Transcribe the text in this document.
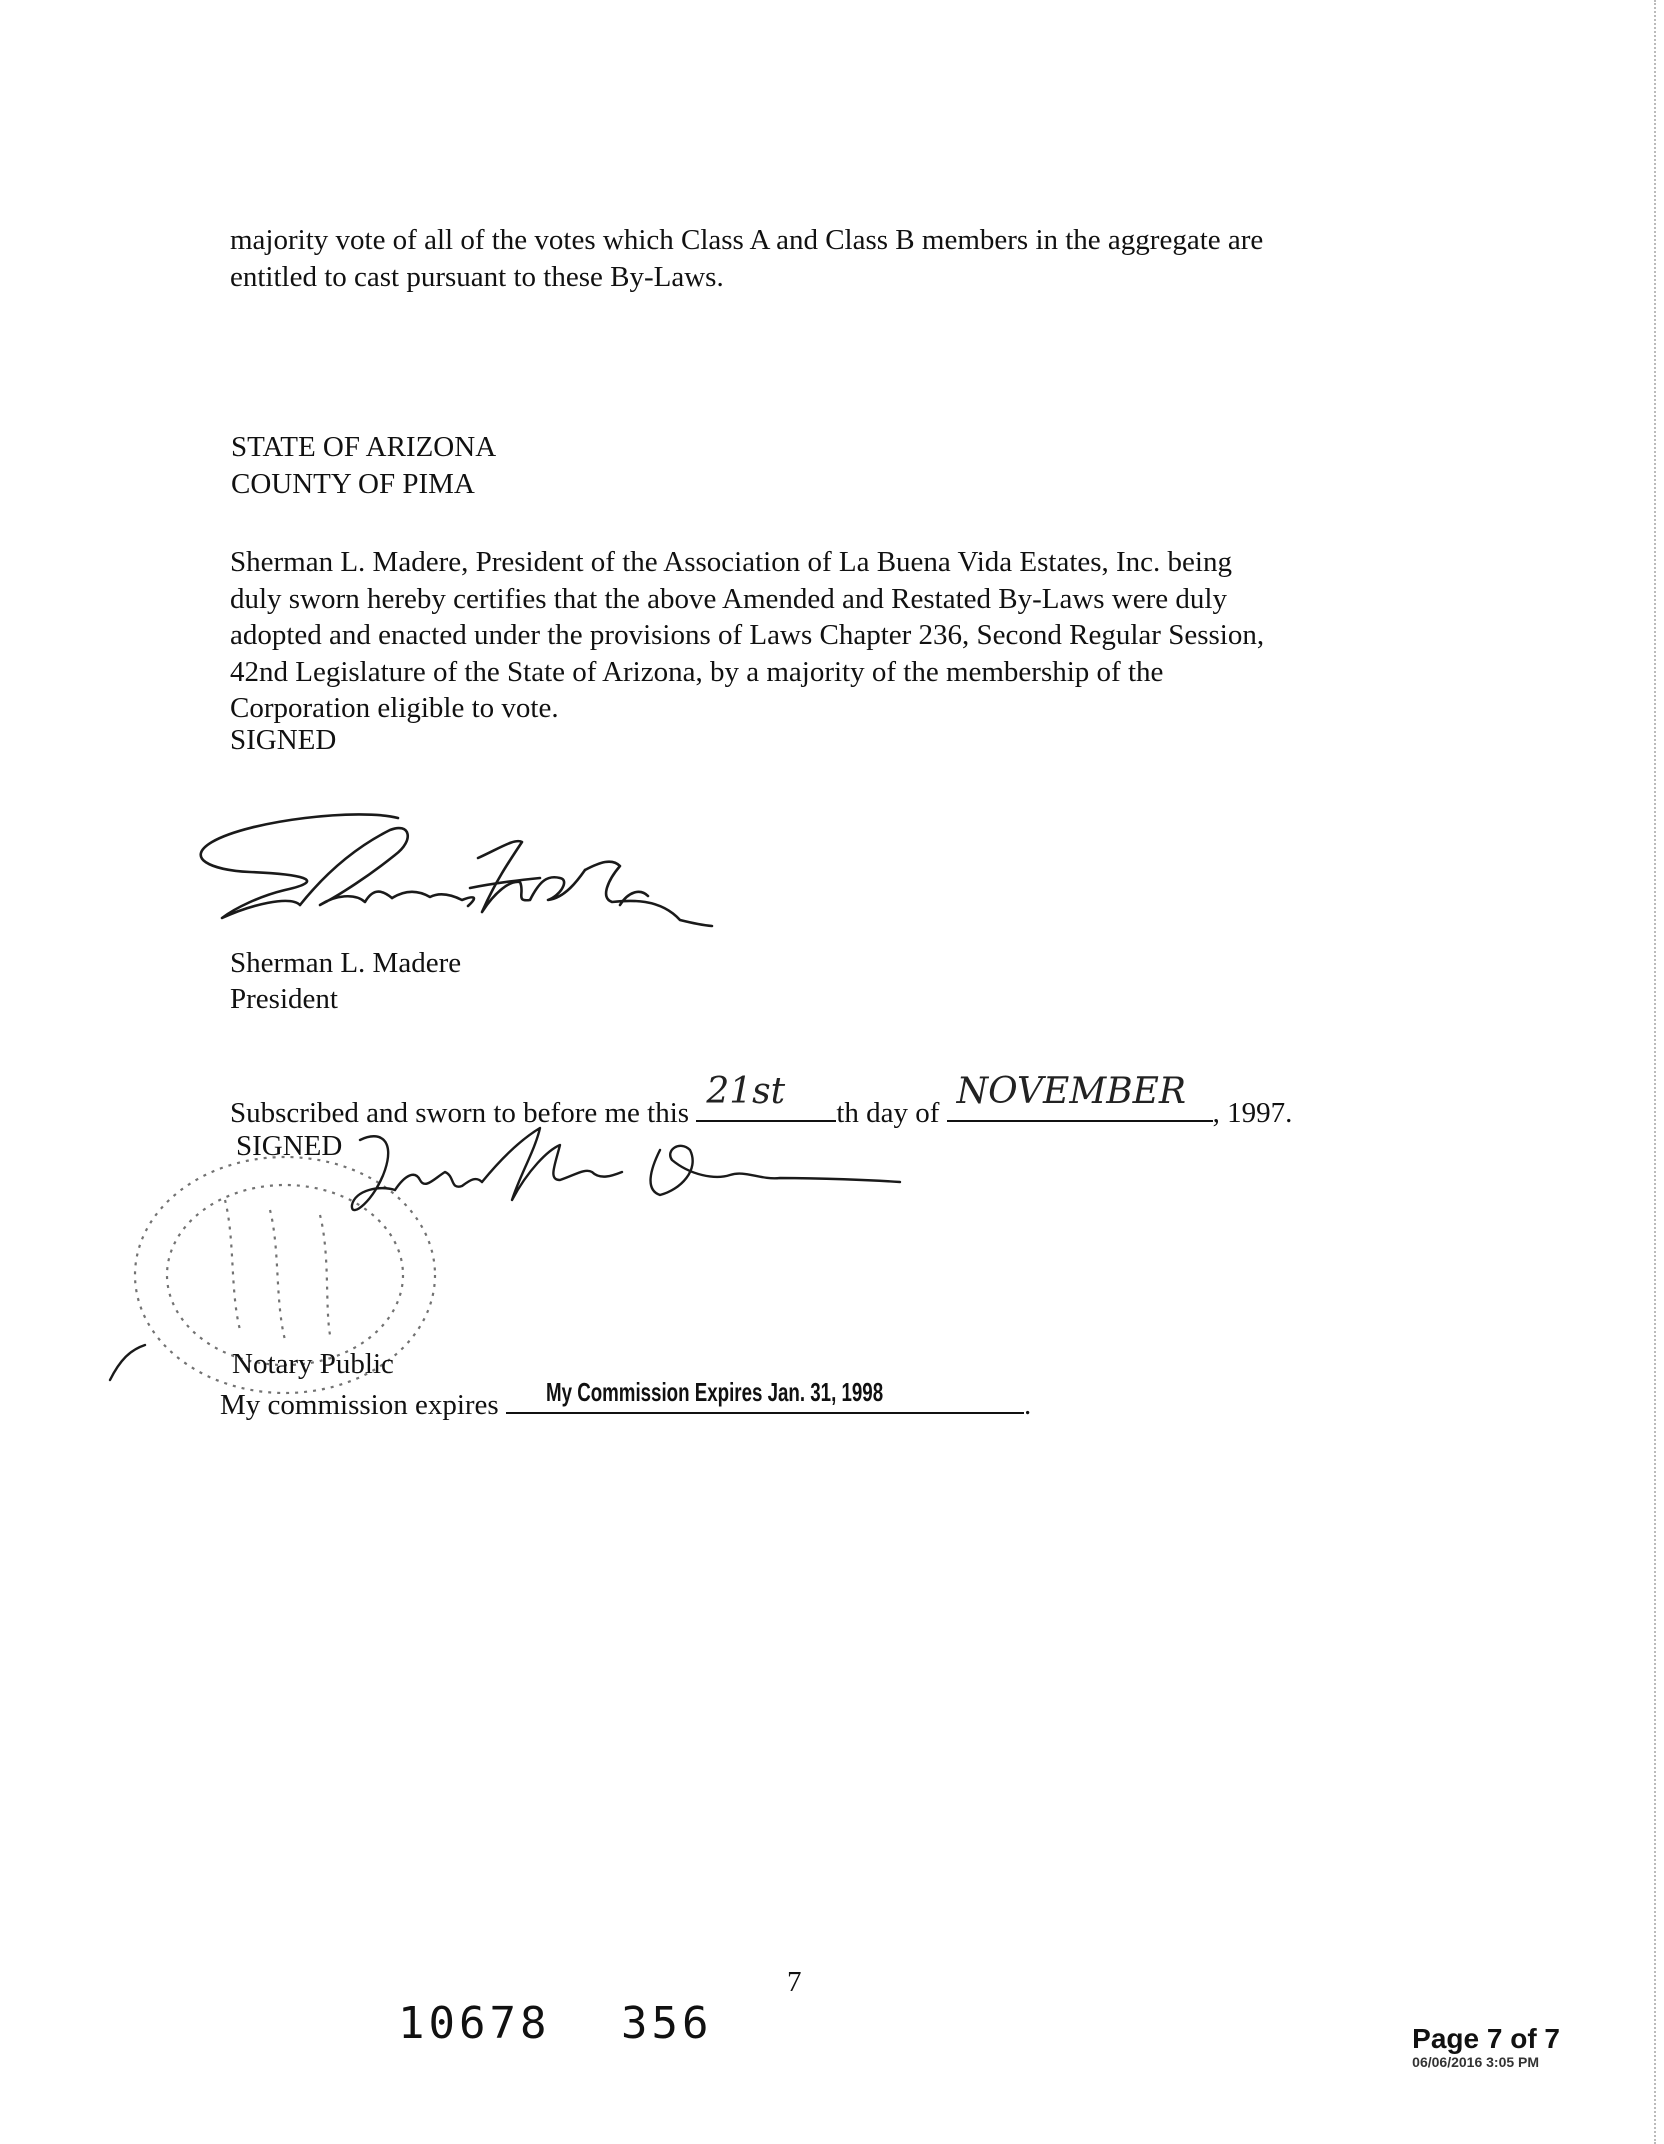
majority vote of all of the votes which Class A and Class B members in the aggregate are
entitled to cast pursuant to these By-Laws.
STATE OF ARIZONA
COUNTY OF PIMA
Sherman L. Madere, President of the Association of La Buena Vida Estates, Inc. being
duly sworn hereby certifies that the above Amended and Restated By-Laws were duly
adopted and enacted under the provisions of Laws Chapter 236, Second Regular Session,
42nd Legislature of the State of Arizona, by a majority of the membership of the
Corporation eligible to vote.
SIGNED
Sherman L. Madere
President
Subscribed and sworn to before me this
21st
th day of
NOVEMBER
, 1997.
SIGNED
Notary Public
My commission expires My Commission Expires Jan. 31, 1998	.
7
10678 356	Page 7 of 7
06/06/2016 3:05 PM
